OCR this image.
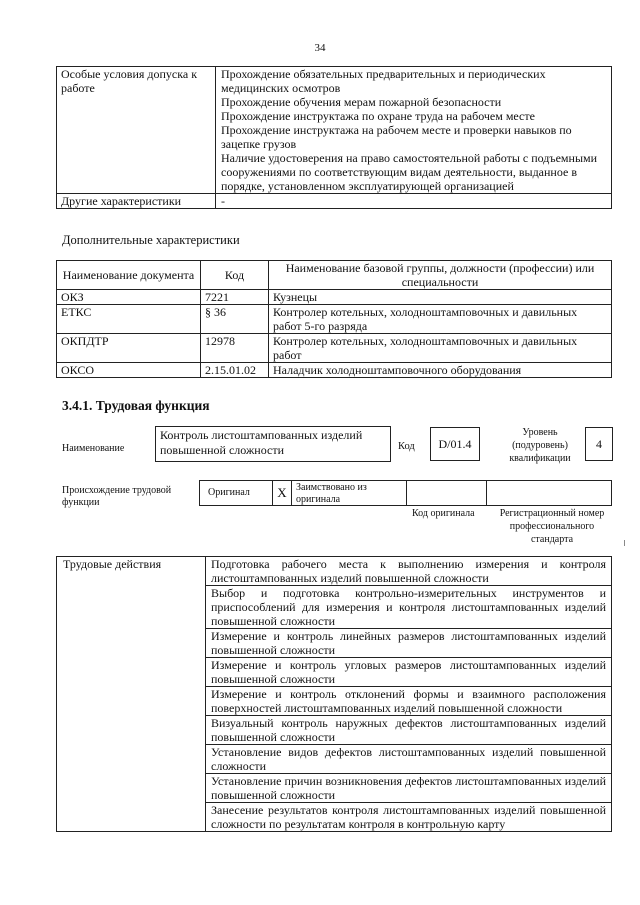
34
Особые условия допуска к работе	Прохождение обязательных предварительных и периодических медицинских осмотров
Прохождение обучения мерам пожарной безопасности
Прохождение инструктажа по охране труда на рабочем месте
Прохождение инструктажа на рабочем месте и проверки навыков по зацепке грузов
Наличие удостоверения на право самостоятельной работы с подъемными сооружениями по соответствующим видам деятельности, выданное в порядке, установленном эксплуатирующей организацией

Другие характеристики	-
Дополнительные характеристики
Наименование документа	Код	Наименование базовой группы, должности (профессии) или специальности
ОКЗ	7221	Кузнецы
ЕТКС	§ 36	Контролер котельных, холодноштамповочных и давильных работ 5-го разряда
ОКПДТР	12978	Контролер котельных, холодноштамповочных и давильных работ
ОКСО	2.15.01.02	Наладчик холодноштамповочного оборудования
3.4.1. Трудовая функция
Наименование
Контроль листоштампованных изделий повышенной сложности	Код	D/01.4
Уровень (подуровень) квалификации
4
Происхождение трудовой функции
Оригинал	X Заимствовано из оригинала
Код оригинала	Регистрационный номер профессионального стандарта
Трудовые действия	Подготовка рабочего места к выполнению измерения и контроля листоштампованных изделий повышенной сложности
Выбор и подготовка контрольно-измерительных инструментов и приспособлений для измерения и контроля листоштампованных изделий повышенной сложности
Измерение и контроль линейных размеров листоштампованных изделий повышенной сложности
Измерение и контроль угловых размеров листоштампованных изделий повышенной сложности
Измерение и контроль отклонений формы и взаимного расположения поверхностей листоштампованных изделий повышенной сложности
Визуальный контроль наружных дефектов листоштампованных изделий повышенной сложности
Установление видов дефектов листоштампованных изделий повышенной сложности
Установление причин возникновения дефектов листоштампованных изделий повышенной сложности
Занесение результатов контроля листоштампованных изделий повышенной сложности по результатам контроля в контрольную карту
